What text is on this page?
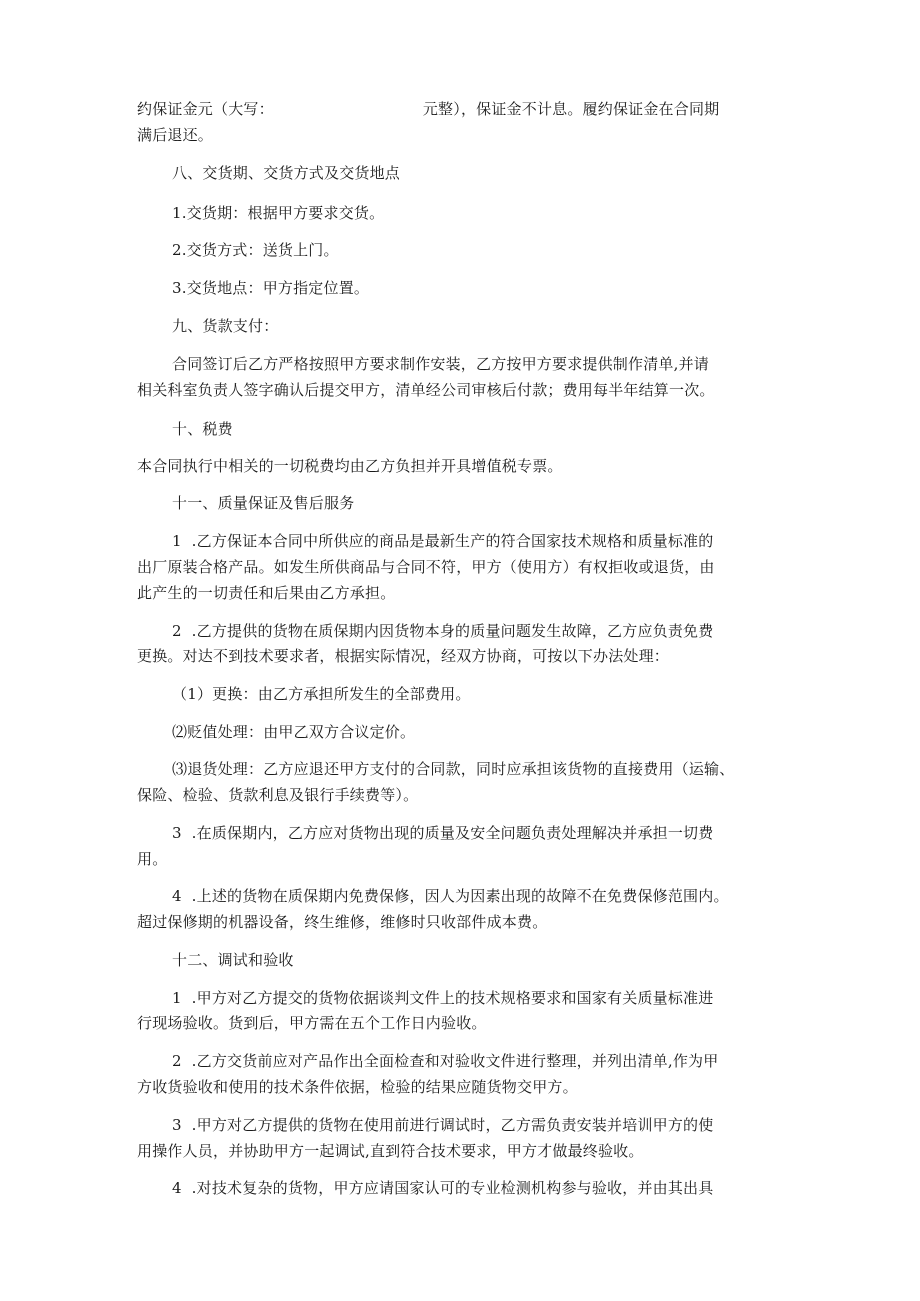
约保证金元（大写：                              元整），保证金不计息。履约保证金在合同期
满后退还。
八、交货期、交货方式及交货地点
1.交货期：根据甲方要求交货。
2.交货方式：送货上门。
3.交货地点：甲方指定位置。
九、货款支付：
合同签订后乙方严格按照甲方要求制作安装，乙方按甲方要求提供制作清单,并请
相关科室负责人签字确认后提交甲方，清单经公司审核后付款；费用每半年结算一次。
十、税费
本合同执行中相关的一切税费均由乙方负担并开具增值税专票。
十一、质量保证及售后服务
1  .乙方保证本合同中所供应的商品是最新生产的符合国家技术规格和质量标准的
出厂原装合格产品。如发生所供商品与合同不符，甲方（使用方）有权拒收或退货，由
此产生的一切责任和后果由乙方承担。
2  .乙方提供的货物在质保期内因货物本身的质量问题发生故障，乙方应负责免费
更换。对达不到技术要求者，根据实际情况，经双方协商，可按以下办法处理：
（1）更换：由乙方承担所发生的全部费用。
⑵贬值处理：由甲乙双方合议定价。
⑶退货处理：乙方应退还甲方支付的合同款，同时应承担该货物的直接费用（运输、
保险、检验、货款利息及银行手续费等）。
3  .在质保期内，乙方应对货物出现的质量及安全问题负责处理解决并承担一切费
用。
4  .上述的货物在质保期内免费保修，因人为因素出现的故障不在免费保修范围内。
超过保修期的机器设备，终生维修，维修时只收部件成本费。
十二、调试和验收
1  .甲方对乙方提交的货物依据谈判文件上的技术规格要求和国家有关质量标准进
行现场验收。货到后，甲方需在五个工作日内验收。
2  .乙方交货前应对产品作出全面检查和对验收文件进行整理，并列出清单,作为甲
方收货验收和使用的技术条件依据，检验的结果应随货物交甲方。
3  .甲方对乙方提供的货物在使用前进行调试时，乙方需负责安装并培训甲方的使
用操作人员，并协助甲方一起调试,直到符合技术要求，甲方才做最终验收。
4  .对技术复杂的货物，甲方应请国家认可的专业检测机构参与验收，并由其出具
